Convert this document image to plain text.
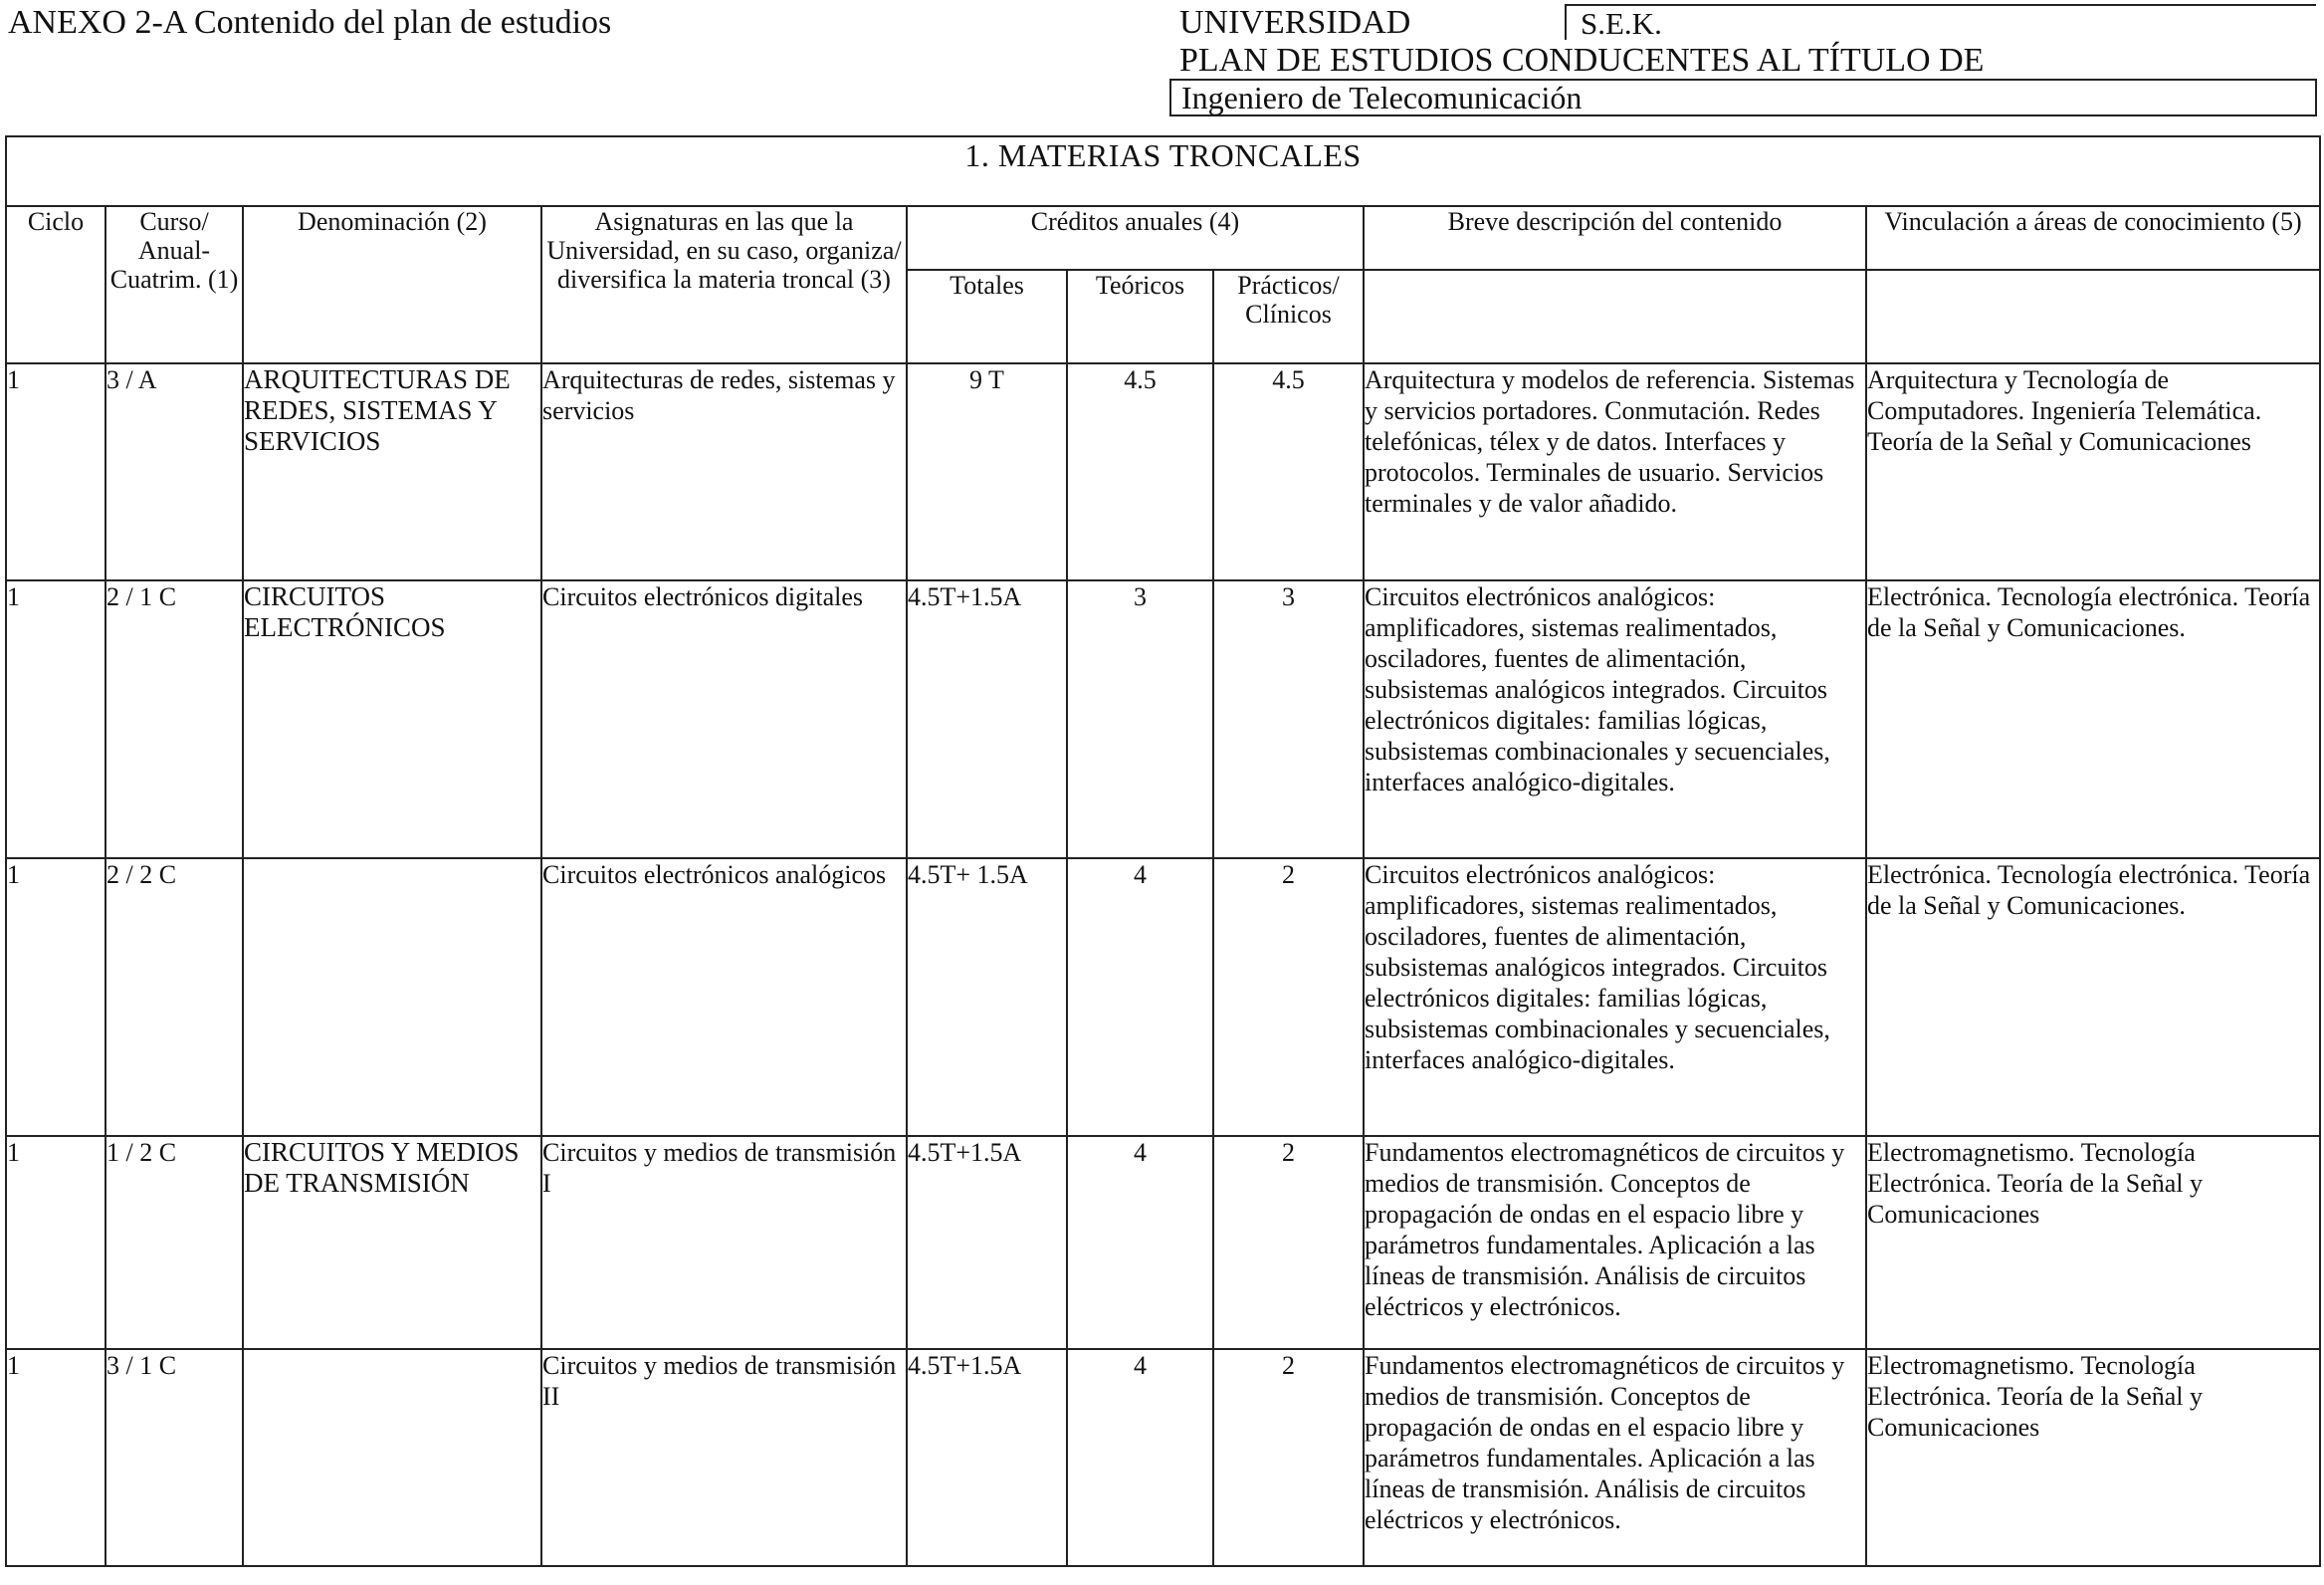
ANEXO 2-A Contenido del plan de estudios	UNIVERSIDAD	S.E.K.
PLAN DE ESTUDIOS CONDUCENTES AL TÍTULO DE
Ingeniero de Telecomunicación
1. MATERIAS TRONCALES								
Ciclo	Curso/ Anual- Cuatrim. (1)	Denominación (2)	Asignaturas en las que la Universidad, en su caso, organiza/ diversifica la materia troncal (3)	Créditos anuales (4)			Breve descripción del contenido	Vinculación a áreas de conocimiento (5)
				Totales	Teóricos	Prácticos/ Clínicos		
1	3 / A	ARQUITECTURAS DE REDES, SISTEMAS Y SERVICIOS	Arquitecturas de redes, sistemas y servicios	9 T	4.5	4.5	Arquitectura y modelos de referencia. Sistemas y servicios portadores. Conmutación. Redes telefónicas, télex y de datos. Interfaces y protocolos. Terminales de usuario. Servicios terminales y de valor añadido.	Arquitectura y Tecnología de Computadores. Ingeniería Telemática. Teoría de la Señal y Comunicaciones
1	2 / 1 C	CIRCUITOS ELECTRÓNICOS	Circuitos electrónicos digitales	4.5T+1.5A	3	3	Circuitos electrónicos analógicos: amplificadores, sistemas realimentados, osciladores, fuentes de alimentación, subsistemas analógicos integrados. Circuitos electrónicos digitales: familias lógicas, subsistemas combinacionales y secuenciales, interfaces analógico-digitales.	Electrónica. Tecnología electrónica. Teoría de la Señal y Comunicaciones.
1	2 / 2 C		Circuitos electrónicos analógicos	4.5T+ 1.5A	4	2	Circuitos electrónicos analógicos: amplificadores, sistemas realimentados, osciladores, fuentes de alimentación, subsistemas analógicos integrados. Circuitos electrónicos digitales: familias lógicas, subsistemas combinacionales y secuenciales, interfaces analógico-digitales.	Electrónica. Tecnología electrónica. Teoría de la Señal y Comunicaciones.
1	1 / 2 C	CIRCUITOS Y MEDIOS DE TRANSMISIÓN	Circuitos y medios de transmisión I	4.5T+1.5A	4	2	Fundamentos electromagnéticos de circuitos y medios de transmisión. Conceptos de propagación de ondas en el espacio libre y parámetros fundamentales. Aplicación a las líneas de transmisión. Análisis de circuitos eléctricos y electrónicos.	Electromagnetismo. Tecnología Electrónica. Teoría de la Señal y Comunicaciones
1	3 / 1 C		Circuitos y medios de transmisión II	4.5T+1.5A	4	2	Fundamentos electromagnéticos de circuitos y medios de transmisión. Conceptos de propagación de ondas en el espacio libre y parámetros fundamentales. Aplicación a las líneas de transmisión. Análisis de circuitos eléctricos y electrónicos.	Electromagnetismo. Tecnología Electrónica. Teoría de la Señal y Comunicaciones
